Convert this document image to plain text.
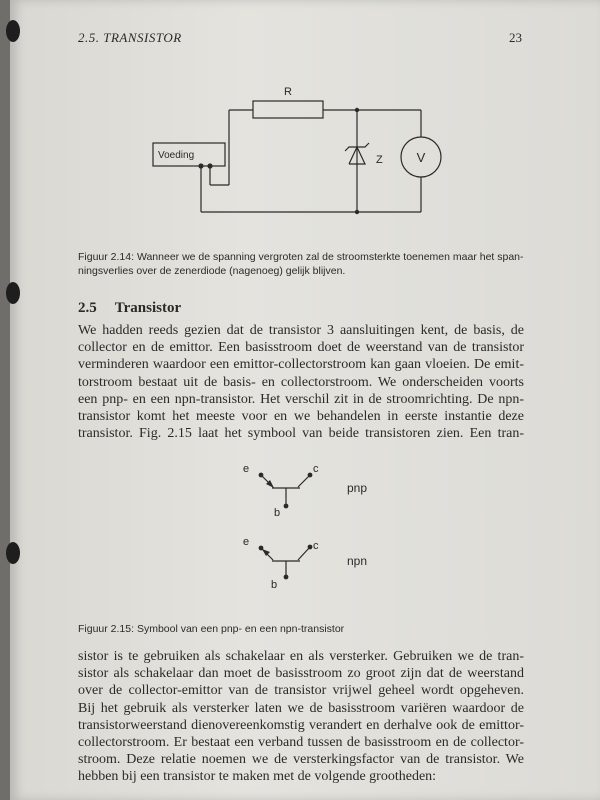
2.5. TRANSISTOR	23
R
Voeding	Z	V
Figuur 2.14: Wanneer we de spanning vergroten zal de stroomsterkte toenemen maar het span-
ningsverlies over de zenerdiode (nagenoeg) gelijk blijven.
2.5 Transistor
We hadden reeds gezien dat de transistor 3 aansluitingen kent, de basis, de
collector en de emittor. Een basisstroom doet de weerstand van de transistor
verminderen waardoor een emittor-collectorstroom kan gaan vloeien. De emit-
torstroom bestaat uit de basis- en collectorstroom. We onderscheiden voorts
een pnp- en een npn-transistor. Het verschil zit in de stroomrichting. De npn-
transistor komt het meeste voor en we behandelen in eerste instantie deze
transistor. Fig. 2.15 laat het symbool van beide transistoren zien. Een tran-
e	c
b
pnp
e	c
b
npn
Figuur 2.15: Symbool van een pnp- en een npn-transistor
sistor is te gebruiken als schakelaar en als versterker. Gebruiken we de tran-
sistor als schakelaar dan moet de basisstroom zo groot zijn dat de weerstand
over de collector-emittor van de transistor vrijwel geheel wordt opgeheven.
Bij het gebruik als versterker laten we de basisstroom variëren waardoor de
transistorweerstand dienovereenkomstig verandert en derhalve ook de emittor-
collectorstroom. Er bestaat een verband tussen de basisstroom en de collector-
stroom. Deze relatie noemen we de versterkingsfactor van de transistor. We
hebben bij een transistor te maken met de volgende grootheden:
